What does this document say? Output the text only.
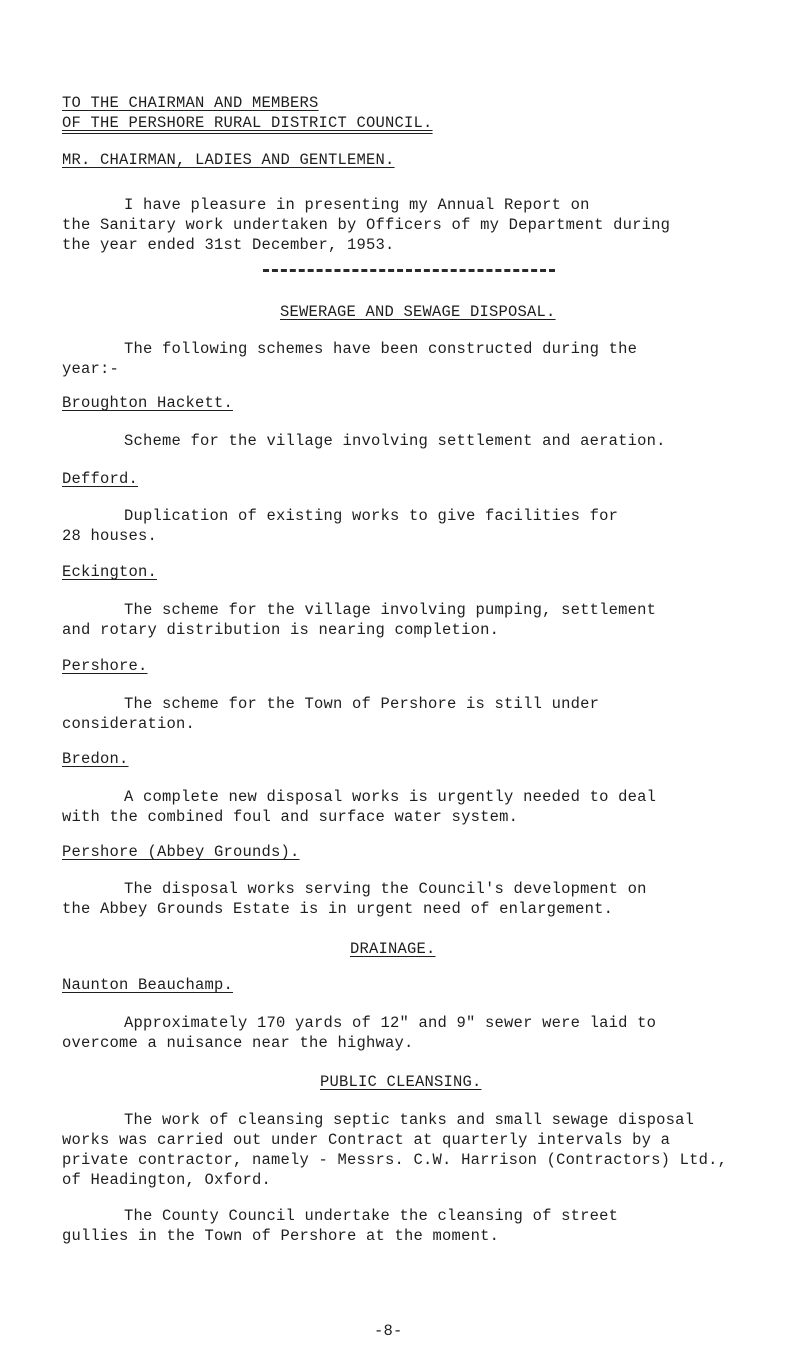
TO THE CHAIRMAN AND MEMBERS
OF THE PERSHORE RURAL DISTRICT COUNCIL.
MR. CHAIRMAN, LADIES AND GENTLEMEN.
I have pleasure in presenting my Annual Report on
the Sanitary work undertaken by Officers of my Department during
the year ended 31st December, 1953.
SEWERAGE AND SEWAGE DISPOSAL.
The following schemes have been constructed during the
year:-
Broughton Hackett.
Scheme for the village involving settlement and aeration.
Defford.
Duplication of existing works to give facilities for
28 houses.
Eckington.
The scheme for the village involving pumping, settlement
and rotary distribution is nearing completion.
Pershore.
The scheme for the Town of Pershore is still under
consideration.
Bredon.
A complete new disposal works is urgently needed to deal
with the combined foul and surface water system.
Pershore (Abbey Grounds).
The disposal works serving the Council's development on
the Abbey Grounds Estate is in urgent need of enlargement.
DRAINAGE.
Naunton Beauchamp.
Approximately 170 yards of 12" and 9" sewer were laid to
overcome a nuisance near the highway.
PUBLIC CLEANSING.
The work of cleansing septic tanks and small sewage disposal
works was carried out under Contract at quarterly intervals by a
private contractor, namely - Messrs. C.W. Harrison (Contractors) Ltd.,
of Headington, Oxford.
The County Council undertake the cleansing of street
gullies in the Town of Pershore at the moment.
-8-
